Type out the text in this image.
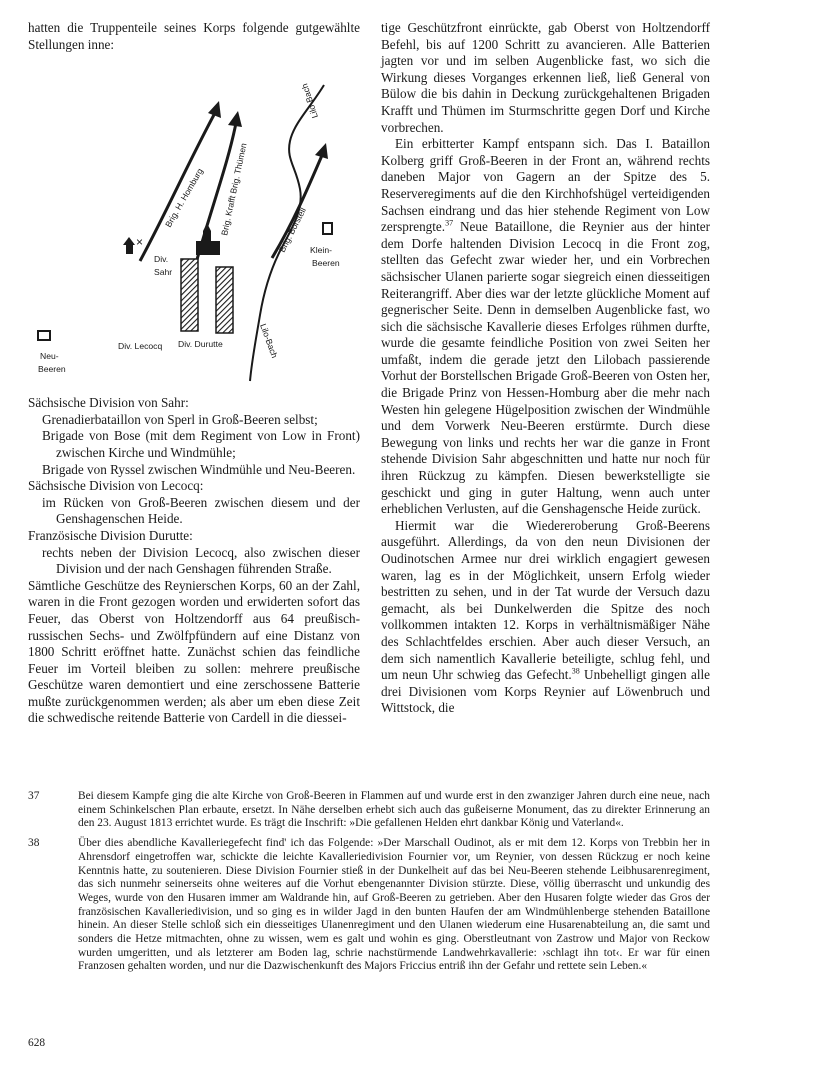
hatten die Truppenteile seines Korps folgende gutgewählte Stellungen inne:

Brig. H. Homburg Brig. Krafft Brig. Thümen	Brig. Borstell
Lilo-Bach
Lilo-Bach
Klein-Beeren
×
Div. Sahr
Div. Lecocq Div. Durutte
Neu-Beeren

Sächsische Division von Sahr:

Grenadierbataillon von Sperl in Groß-Beeren selbst;

Brigade von Bose (mit dem Regiment von Low in Front) zwischen Kirche und Windmühle;

Brigade von Ryssel zwischen Windmühle und Neu-Beeren.

Sächsische Division von Lecocq:

im Rücken von Groß-Beeren zwischen diesem und der Genshagenschen Heide.

Französische Division Durutte:

rechts neben der Division Lecocq, also zwischen dieser Division und der nach Genshagen führenden Straße.

Sämtliche Geschütze des Reynierschen Korps, 60 an der Zahl, waren in die Front gezogen worden und erwiderten sofort das Feuer, das Oberst von Holtzendorff aus 64 preußisch-russischen Sechs- und Zwölfpfündern auf eine Distanz von 1800 Schritt eröffnet hatte. Zunächst schien das feindliche Feuer im Vorteil bleiben zu sollen: mehrere preußische Geschütze waren demontiert und eine zerschossene Batterie mußte zurückgenommen werden; als aber um eben diese Zeit die schwedische reitende Batterie von Cardell in die diessei-

tige Geschützfront einrückte, gab Oberst von Holtzendorff Befehl, bis auf 1200 Schritt zu avancieren. Alle Batterien jagten vor und im selben Augenblicke fast, wo sich die Wirkung dieses Vorganges erkennen ließ, ließ General von Bülow die bis dahin in Deckung zurückgehaltenen Brigaden Krafft und Thümen im Sturmschritte gegen Dorf und Kirche vorbrechen.

Ein erbitterter Kampf entspann sich. Das I. Bataillon Kolberg griff Groß-Beeren in der Front an, während rechts daneben Major von Gagern an der Spitze des 5. Reserveregiments auf die den Kirchhofshügel verteidigenden Sachsen eindrang und das hier stehende Regiment von Low zersprengte.$^{37}$ Neue Bataillone, die Reynier aus der hinter dem Dorfe haltenden Division Lecocq in die Front zog, stellten das Gefecht zwar wieder her, und ein Vorbrechen sächsischer Ulanen parierte sogar siegreich einen diesseitigen Reiterangriff. Aber dies war der letzte glückliche Moment auf gegnerischer Seite. Denn in demselben Augenblicke fast, wo sich die sächsische Kavallerie dieses Erfolges rühmen durfte, wurde die gesamte feindliche Position von zwei Seiten her umfaßt, indem die gerade jetzt den Lilobach passierende Vorhut der Borstellschen Brigade Groß-Beeren von Osten her, die Brigade Prinz von Hessen-Homburg aber die mehr nach Westen hin gelegene Hügelposition zwischen der Windmühle und dem Vorwerk Neu-Beeren erstürmte. Durch diese Bewegung von links und rechts her war die ganze in Front stehende Division Sahr abgeschnitten und hatte nur noch für ihren Rückzug zu kämpfen. Diesen bewerkstelligte sie geschickt und ging in guter Haltung, wenn auch unter erheblichen Verlusten, auf die Genshagensche Heide zurück.

Hiermit war die Wiedereroberung Groß-Beerens ausgeführt. Allerdings, da von den neun Divisionen der Oudinotschen Armee nur drei wirklich engagiert gewesen waren, lag es in der Möglichkeit, unsern Erfolg wieder bestritten zu sehen, und in der Tat wurde der Versuch dazu gemacht, als bei Dunkelwerden die Spitze des noch vollkommen intakten 12. Korps in verhältnismäßiger Nähe des Schlachtfeldes erschien. Aber auch dieser Versuch, an dem sich namentlich Kavallerie beteiligte, schlug fehl, und um neun Uhr schwieg das Gefecht.$^{38}$ Unbehelligt gingen alle drei Divisionen vom Korps Reynier auf Löwenbruch und Wittstock, die

37	Bei diesem Kampfe ging die alte Kirche von Groß-Beeren in Flammen auf und wurde erst in den zwanziger Jahren durch eine neue, nach einem Schinkelschen Plan erbaute, ersetzt. In Nähe derselben erhebt sich auch das gußeiserne Monument, das zu direkter Erinnerung an den 23. August 1813 errichtet wurde. Es trägt die Inschrift: »Die gefallenen Helden ehrt dankbar König und Vaterland«.
38	Über dies abendliche Kavalleriegefecht find' ich das Folgende: »Der Marschall Oudinot, als er mit dem 12. Korps von Trebbin her in Ahrensdorf eingetroffen war, schickte die leichte Kavalleriedivision Fournier vor, um Reynier, von dessen Rückzug er noch keine Kenntnis hatte, zu soutenieren. Diese Division Fournier stieß in der Dunkelheit auf das bei Neu-Beeren stehende Leibhusarenregiment, das sich nunmehr seinerseits ohne weiteres auf die Vorhut ebengenannter Division stürzte. Diese, völlig überrascht und unkundig des Weges, wurde von den Husaren immer am Waldrande hin, auf Groß-Beeren zu getrieben. Aber den Husaren folgte wieder das Gros der französischen Kavalleriedivision, und so ging es in wilder Jagd in den bunten Haufen der am Windmühlenberge stehenden Bataillone hinein. An dieser Stelle schloß sich ein diesseitiges Ulanenregiment und den Ulanen wiederum eine Husarenabteilung an, die samt und sonders die Hetze mitmachten, ohne zu wissen, wem es galt und wohin es ging. Oberstleutnant von Zastrow und Major von Reckow wurden umgeritten, und als letzterer am Boden lag, schrie nachstürmende Landwehrkavallerie: ›schlagt ihn tot‹. Er war für einen Franzosen gehalten worden, und nur die Dazwischenkunft des Majors Friccius entriß ihn der Gefahr und rettete sein Leben.«
628
